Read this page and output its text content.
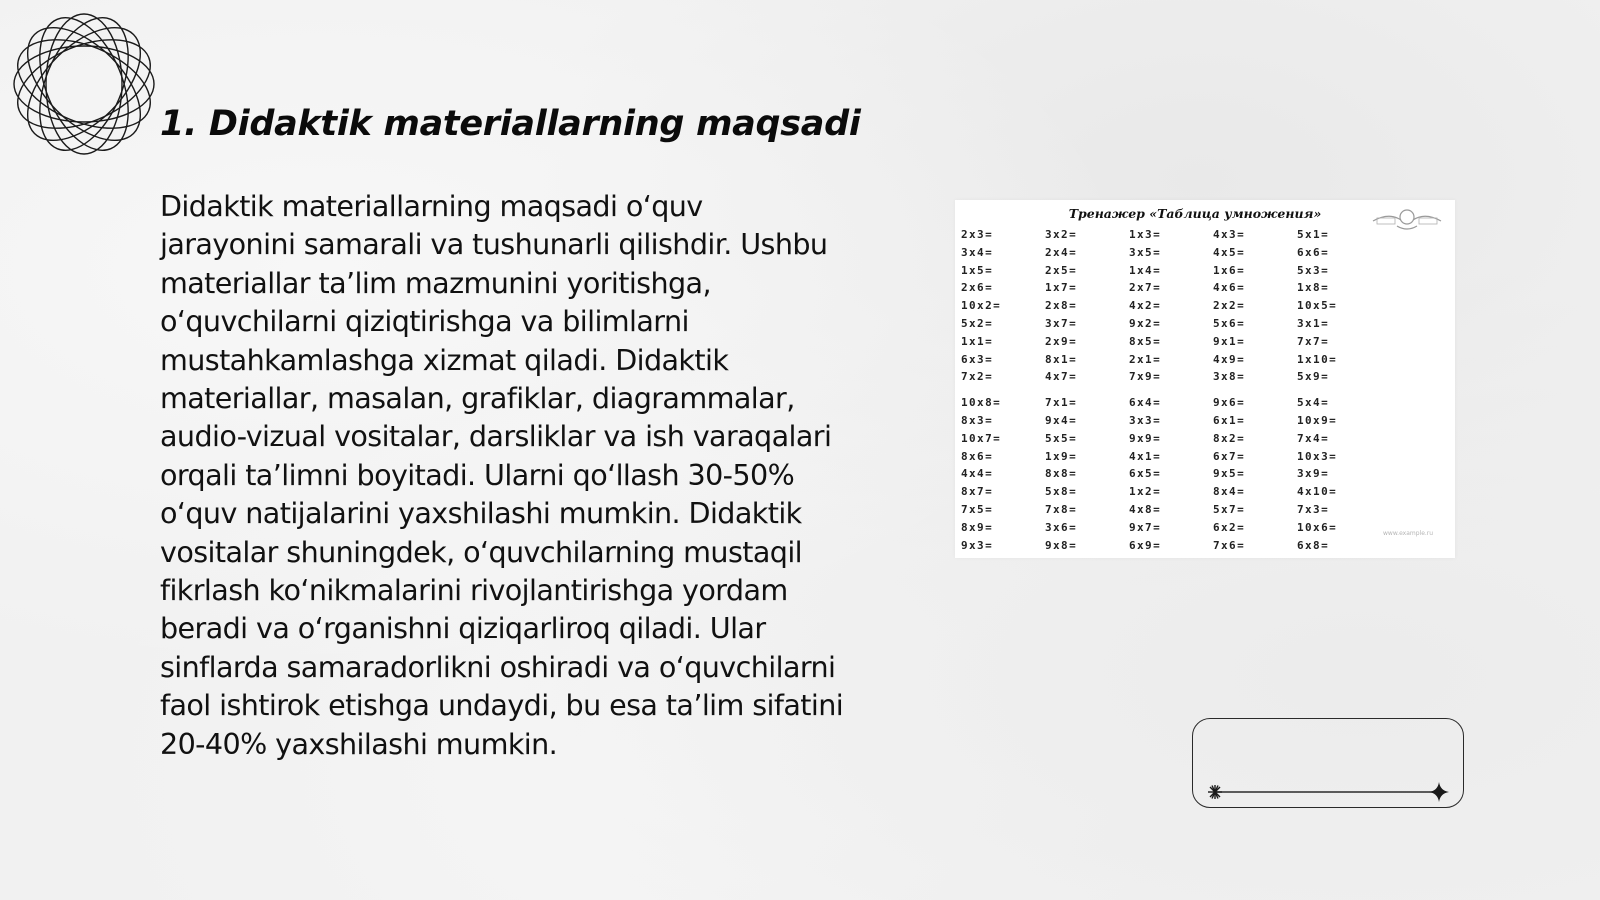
1. Didaktik materiallarning maqsadi

Didaktik materiallarning maqsadi o‘quv jarayonini samarali va tushunarli qilishdir. Ushbu materiallar ta’lim mazmunini yoritishga, o‘quvchilarni qiziqtirishga va bilimlarni mustahkamlashga xizmat qiladi. Didaktik materiallar, masalan, grafiklar, diagrammalar, audio-vizual vositalar, darsliklar va ish varaqalari orqali ta’limni boyitadi. Ularni qo‘llash 30-50% o‘quv natijalarini yaxshilashi mumkin. Didaktik vositalar shuningdek, o‘quvchilarning mustaqil fikrlash ko‘nikmalarini rivojlantirishga yordam beradi va o‘rganishni qiziqarliroq qiladi. Ular sinflarda samaradorlikni oshiradi va o‘quvchilarni faol ishtirok etishga undaydi, bu esa ta’lim sifatini 20-40% yaxshilashi mumkin.

Тренажер «Таблица умножения»
2x3=
3x4=
1x5=
2x6=
10x2=
5x2=
1x1=
6x3=
7x2=
3x2=
2x4=
2x5=
1x7=
2x8=
3x7=
2x9=
8x1=
4x7=
1x3=
3x5=
1x4=
2x7=
4x2=
9x2=
8x5=
2x1=
7x9=
4x3=
4x5=
1x6=
4x6=
2x2=
5x6=
9x1=
4x9=
3x8=
5x1=
6x6=
5x3=
1x8=
10x5=
3x1=
7x7=
1x10=
5x9=
10x8=
8x3=
10x7=
8x6=
4x4=
8x7=
7x5=
8x9=
9x3=
7x1=
9x4=
5x5=
1x9=
8x8=
5x8=
7x8=
3x6=
9x8=
6x4=
3x3=
9x9=
4x1=
6x5=
1x2=
4x8=
9x7=
6x9=
9x6=
6x1=
8x2=
6x7=
9x5=
8x4=
5x7=
6x2=
7x6=
5x4=
10x9=
7x4=
10x3=
3x9=
4x10=
7x3=
10x6=
6x8=
www.example.ru
